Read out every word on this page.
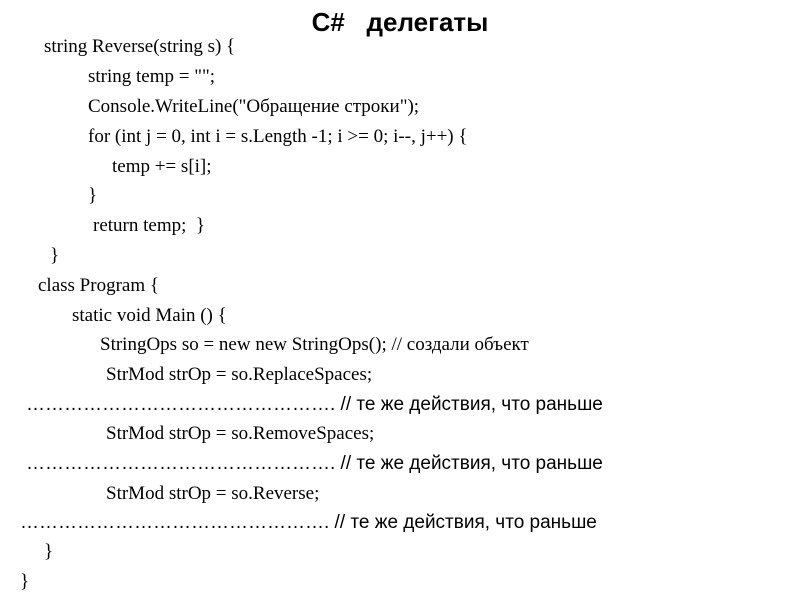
C#   делегаты
string Reverse(string s) {
string temp = "";
Console.WriteLine("Обращение строки");
for (int j = 0, int i = s.Length -1; i >= 0; i--, j++) {
temp += s[i];
}
return temp;  }
}
class Program {
static void Main () {
StringOps so = new new StringOps(); // создали объект
StrMod strOp = so.ReplaceSpaces;
…………………………………………. // те же действия, что раньше
StrMod strOp = so.RemoveSpaces;
…………………………………………. // те же действия, что раньше
StrMod strOp = so.Reverse;
…………………………………………. // те же действия, что раньше
}
}
